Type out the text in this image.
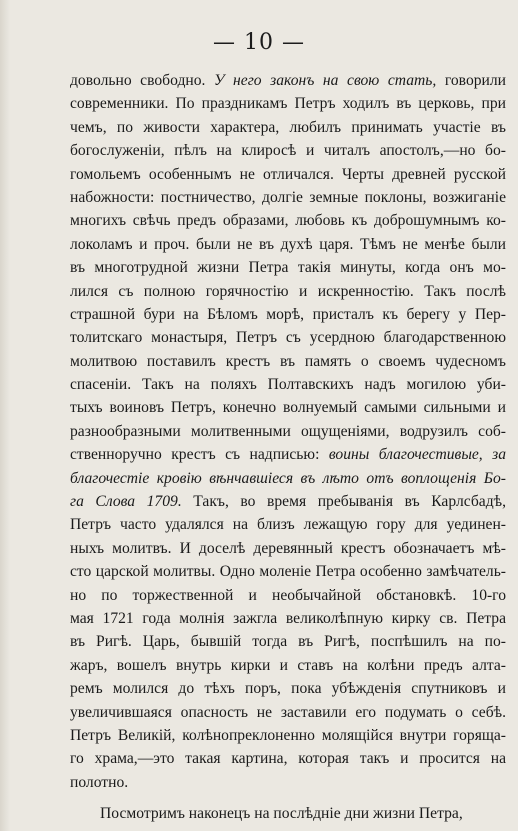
— 10 —
довольно свободно. У него законъ на свою стать, говорили
современники. По праздникамъ Петръ ходилъ въ церковь, при
чемъ, по живости характера, любилъ принимать участіе въ
богослуженіи, пѣлъ на клиросѣ и читалъ апостолъ,—но бо-
гомольемъ особеннымъ не отличался. Черты древней русской
набожности: постничество, долгіе земные поклоны, возжиганіе
многихъ свѣчь предъ образами, любовь къ доброшумнымъ ко-
локоламъ и проч. были не въ духѣ царя. Тѣмъ не менѣе были
въ многотрудной жизни Петра такія минуты, когда онъ мо-
лился съ полною горячностію и искренностію. Такъ послѣ
страшной бури на Бѣломъ морѣ, присталъ къ берегу у Пер-
толитскаго монастыря, Петръ съ усердною благодарственною
молитвою поставилъ крестъ въ память о своемъ чудесномъ
спасеніи. Такъ на поляхъ Полтавскихъ надъ могилою уби-
тыхъ воиновъ Петръ, конечно волнуемый самыми сильными и
разнообразными молитвенными ощущеніями, водрузилъ соб-
ственноручно крестъ съ надписью: воины благочестивые, за
благочестіе кровію вѣнчавшіеся въ лѣто отъ воплощенія Бо-
га Слова 1709. Такъ, во время пребыванія въ Карлсбадѣ,
Петръ часто удалялся на близъ лежащую гору для уединен-
ныхъ молитвъ. И доселѣ деревянный крестъ обозначаетъ мѣ-
сто царской молитвы. Одно моленіе Петра особенно замѣчатель-
но по торжественной и необычайной обстановкѣ. 10-го
мая 1721 года молнія зажгла великолѣпную кирку св. Петра
въ Ригѣ. Царь, бывшій тогда въ Ригѣ, поспѣшилъ на по-
жаръ, вошелъ внутрь кирки и ставъ на колѣни предъ алта-
ремъ молился до тѣхъ поръ, пока убѣжденія спутниковъ и
увеличившаяся опасность не заставили его подумать о себѣ.
Петръ Великій, колѣнопреклоненно молящійся внутри горяща-
го храма,—это такая картина, которая такъ и просится на
полотно.
Посмотримъ наконецъ на послѣдніе дни жизни Петра,
